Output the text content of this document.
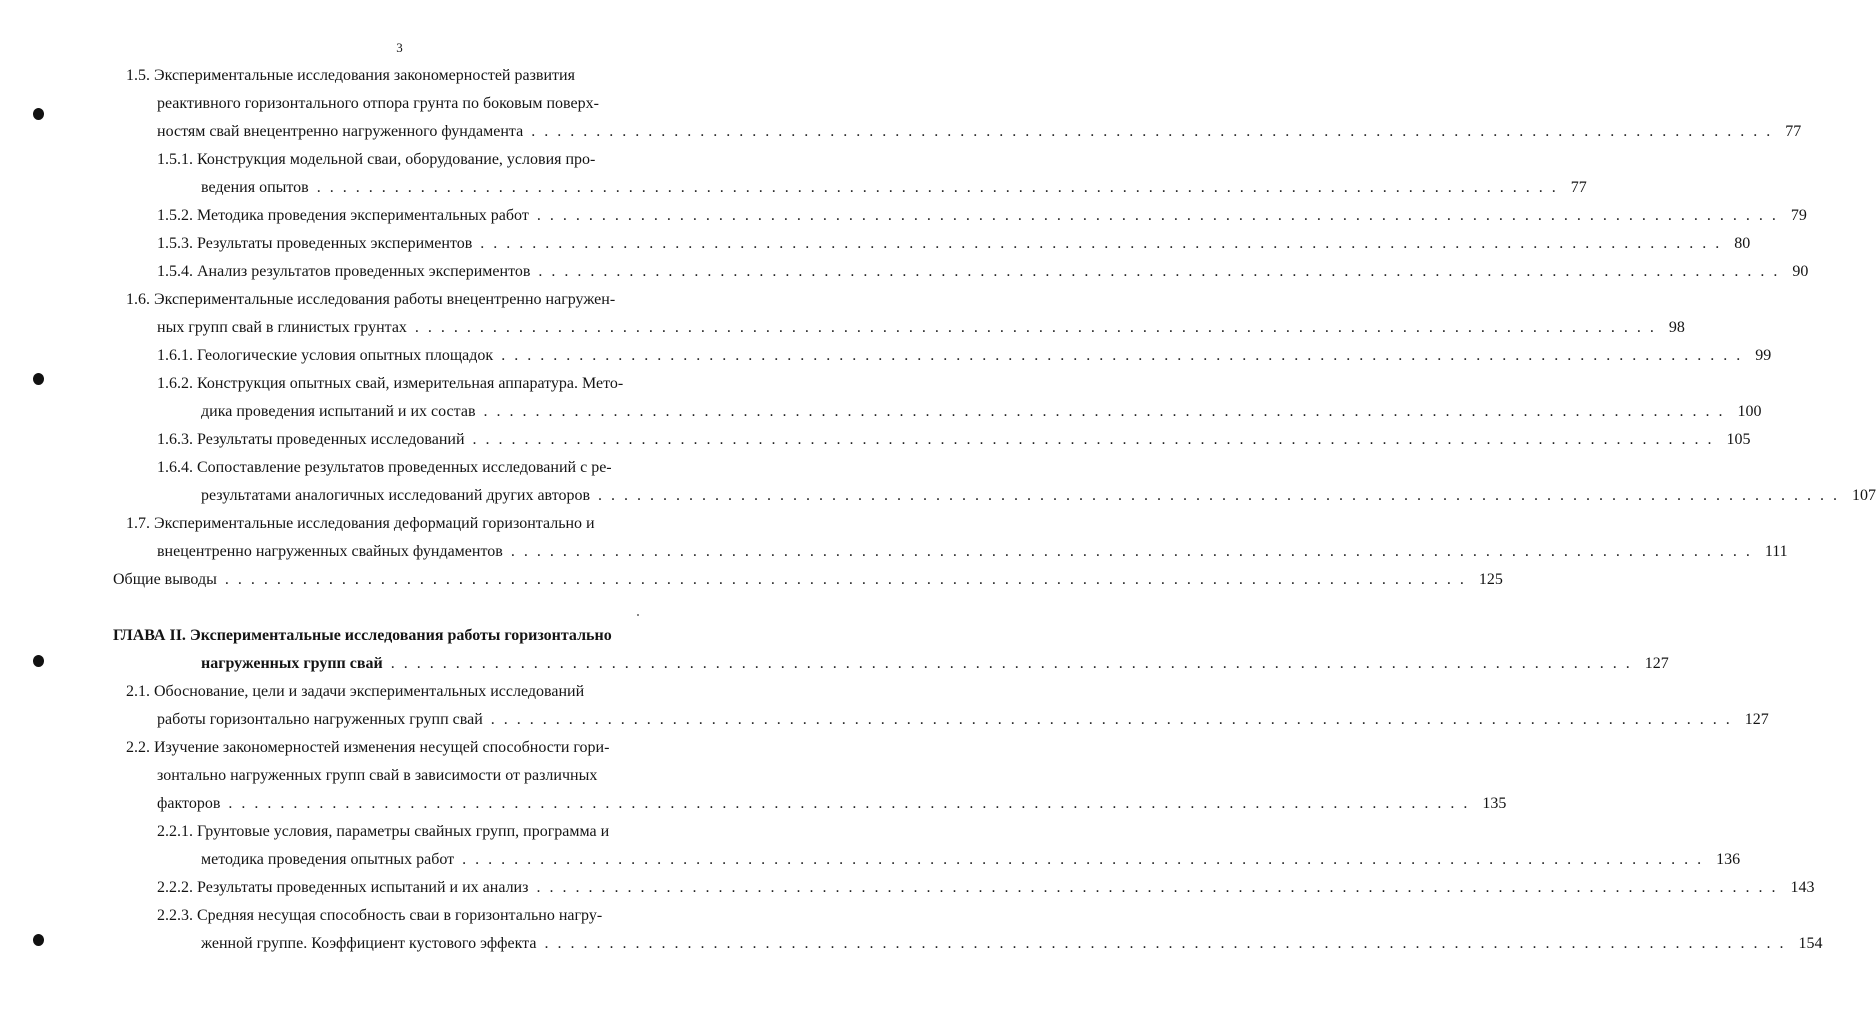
3
1.5. Экспериментальные исследования закономерностей развития
реактивного горизонтального отпора грунта по боковым поверх-
ностям свай внецентренно нагруженного фундамента ................................................................................................ 77
1.5.1. Конструкция модельной сваи, оборудование, условия про-
ведения опытов ................................................................................................ 77
1.5.2. Методика проведения экспериментальных работ ................................................................................................ 79
1.5.3. Результаты проведенных экспериментов ................................................................................................ 80
1.5.4. Анализ результатов проведенных экспериментов ................................................................................................ 90
1.6. Экспериментальные исследования работы внецентренно нагружен-
ных групп свай в глинистых грунтах ................................................................................................ 98
1.6.1. Геологические условия опытных площадок ................................................................................................ 99
1.6.2. Конструкция опытных свай, измерительная аппаратура. Мето-
дика проведения испытаний и их состав ................................................................................................ 100
1.6.3. Результаты проведенных исследований ................................................................................................ 105
1.6.4. Сопоставление результатов проведенных исследований с ре-
результатами аналогичных исследований других авторов ................................................................................................ 107
1.7. Экспериментальные исследования деформаций горизонтально и
внецентренно нагруженных свайных фундаментов ................................................................................................ 111
Общие выводы ................................................................................................ 125
ГЛАВА II. Экспериментальные исследования работы горизонтально
нагруженных групп свай ................................................................................................ 127
2.1. Обоснование, цели и задачи экспериментальных исследований
работы горизонтально нагруженных групп свай ................................................................................................ 127
2.2. Изучение закономерностей изменения несущей способности гори-
зонтально нагруженных групп свай в зависимости от различных
факторов ................................................................................................ 135
2.2.1. Грунтовые условия, параметры свайных групп, программа и
методика проведения опытных работ ................................................................................................ 136
2.2.2. Результаты проведенных испытаний и их анализ ................................................................................................ 143
2.2.3. Средняя несущая способность сваи в горизонтально нагру-
женной группе. Коэффициент кустового эффекта ................................................................................................ 154
